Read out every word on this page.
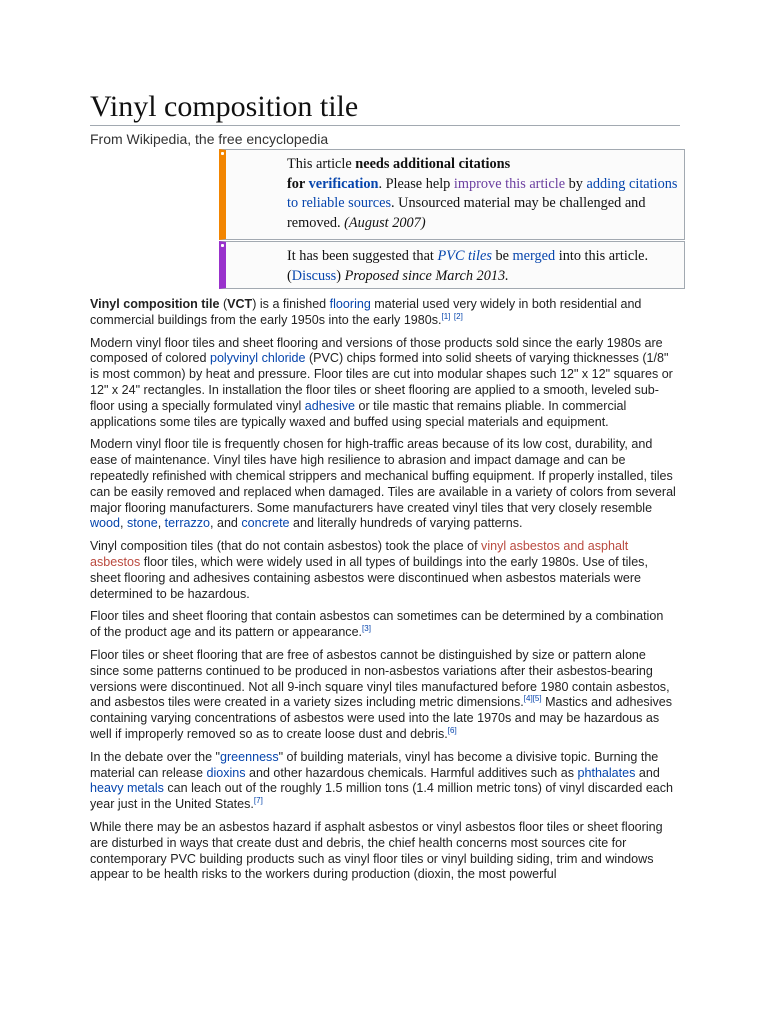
Vinyl composition tile

From Wikipedia, the free encyclopedia

This article needs additional citations
for verification. Please help improve this article by adding citations to reliable sources. Unsourced material may be challenged and removed. (August 2007)
It has been suggested that PVC tiles be merged into this article. (Discuss) Proposed since March 2013.

Vinyl composition tile (VCT) is a finished flooring material used very widely in both residential and commercial buildings from the early 1950s into the early 1980s.[1] [2]

Modern vinyl floor tiles and sheet flooring and versions of those products sold since the early 1980s are composed of colored polyvinyl chloride (PVC) chips formed into solid sheets of varying thicknesses (1/8" is most common) by heat and pressure. Floor tiles are cut into modular shapes such 12" x 12" squares or 12" x 24" rectangles. In installation the floor tiles or sheet flooring are applied to a smooth, leveled sub-floor using a specially formulated vinyl adhesive or tile mastic that remains pliable. In commercial applications some tiles are typically waxed and buffed using special materials and equipment.

Modern vinyl floor tile is frequently chosen for high-traffic areas because of its low cost, durability, and ease of maintenance. Vinyl tiles have high resilience to abrasion and impact damage and can be repeatedly refinished with chemical strippers and mechanical buffing equipment. If properly installed, tiles can be easily removed and replaced when damaged. Tiles are available in a variety of colors from several major flooring manufacturers. Some manufacturers have created vinyl tiles that very closely resemble wood, stone, terrazzo, and concrete and literally hundreds of varying patterns.

Vinyl composition tiles (that do not contain asbestos) took the place of vinyl asbestos and asphalt asbestos floor tiles, which were widely used in all types of buildings into the early 1980s. Use of tiles, sheet flooring and adhesives containing asbestos were discontinued when asbestos materials were determined to be hazardous.

Floor tiles and sheet flooring that contain asbestos can sometimes can be determined by a combination of the product age and its pattern or appearance.[3]

Floor tiles or sheet flooring that are free of asbestos cannot be distinguished by size or pattern alone since some patterns continued to be produced in non-asbestos variations after their asbestos-bearing versions were discontinued. Not all 9-inch square vinyl tiles manufactured before 1980 contain asbestos, and asbestos tiles were created in a variety sizes including metric dimensions.[4][5] Mastics and adhesives containing varying concentrations of asbestos were used into the late 1970s and may be hazardous as well if improperly removed so as to create loose dust and debris.[6]

In the debate over the "greenness" of building materials, vinyl has become a divisive topic. Burning the material can release dioxins and other hazardous chemicals. Harmful additives such as phthalates and heavy metals can leach out of the roughly 1.5 million tons (1.4 million metric tons) of vinyl discarded each year just in the United States.[7]

While there may be an asbestos hazard if asphalt asbestos or vinyl asbestos floor tiles or sheet flooring are disturbed in ways that create dust and debris, the chief health concerns most sources cite for contemporary PVC building products such as vinyl floor tiles or vinyl building siding, trim and windows appear to be health risks to the workers during production (dioxin, the most powerful
